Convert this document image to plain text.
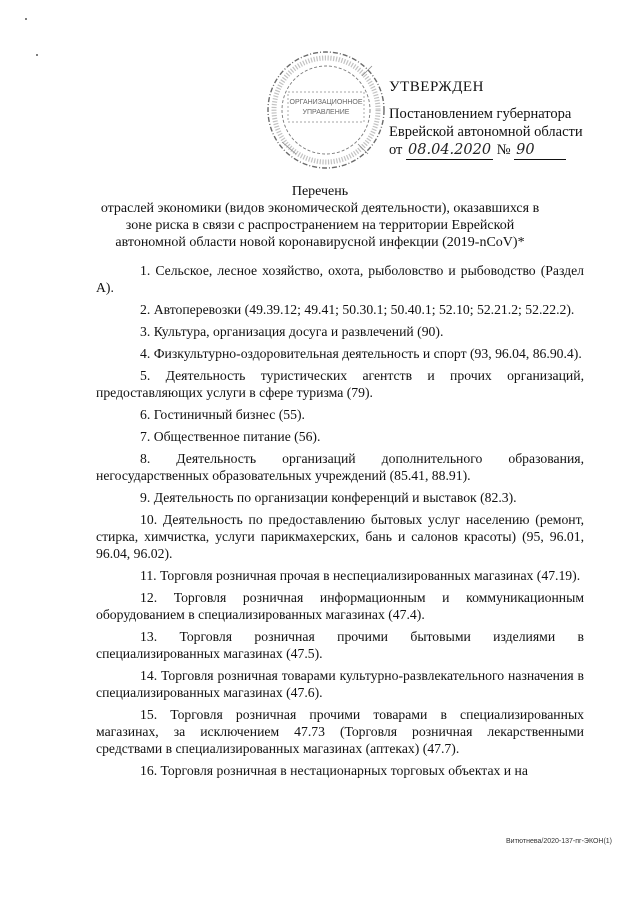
ОРГАНИЗАЦИОННОЕ
УПРАВЛЕНИЕ
УТВЕРЖДЕН
Постановлением губернатора
Еврейской автономной области
от 08.04.2020 № 90
Перечень
отраслей экономики (видов экономической деятельности), оказавшихся в зоне риска в связи с распространением на территории Еврейской автономной области новой коронавирусной инфекции (2019-nCoV)*

1. Сельское, лесное хозяйство, охота, рыболовство и рыбоводство (Раздел А).

2. Автоперевозки (49.39.12; 49.41; 50.30.1; 50.40.1; 52.10; 52.21.2; 52.22.2).

3. Культура, организация досуга и развлечений (90).

4. Физкультурно-оздоровительная деятельность и спорт (93, 96.04, 86.90.4).

5. Деятельность туристических агентств и прочих организаций, предоставляющих услуги в сфере туризма (79).

6. Гостиничный бизнес (55).

7. Общественное питание (56).

8. Деятельность организаций дополнительного образования, негосударственных образовательных учреждений (85.41, 88.91).

9. Деятельность по организации конференций и выставок (82.3).

10. Деятельность по предоставлению бытовых услуг населению (ремонт, стирка, химчистка, услуги парикмахерских, бань и салонов красоты) (95, 96.01, 96.04, 96.02).

11. Торговля розничная прочая в неспециализированных магазинах (47.19).

12. Торговля розничная информационным и коммуникационным оборудованием в специализированных магазинах (47.4).

13. Торговля розничная прочими бытовыми изделиями в специализированных магазинах (47.5).

14. Торговля розничная товарами культурно-развлекательного назначения в специализированных магазинах (47.6).

15. Торговля розничная прочими товарами в специализированных магазинах, за исключением 47.73 (Торговля розничная лекарственными средствами в специализированных магазинах (аптеках) (47.7).

16. Торговля розничная в нестационарных торговых объектах и на

Витютнева/2020-137-пг-ЭКОН(1)
